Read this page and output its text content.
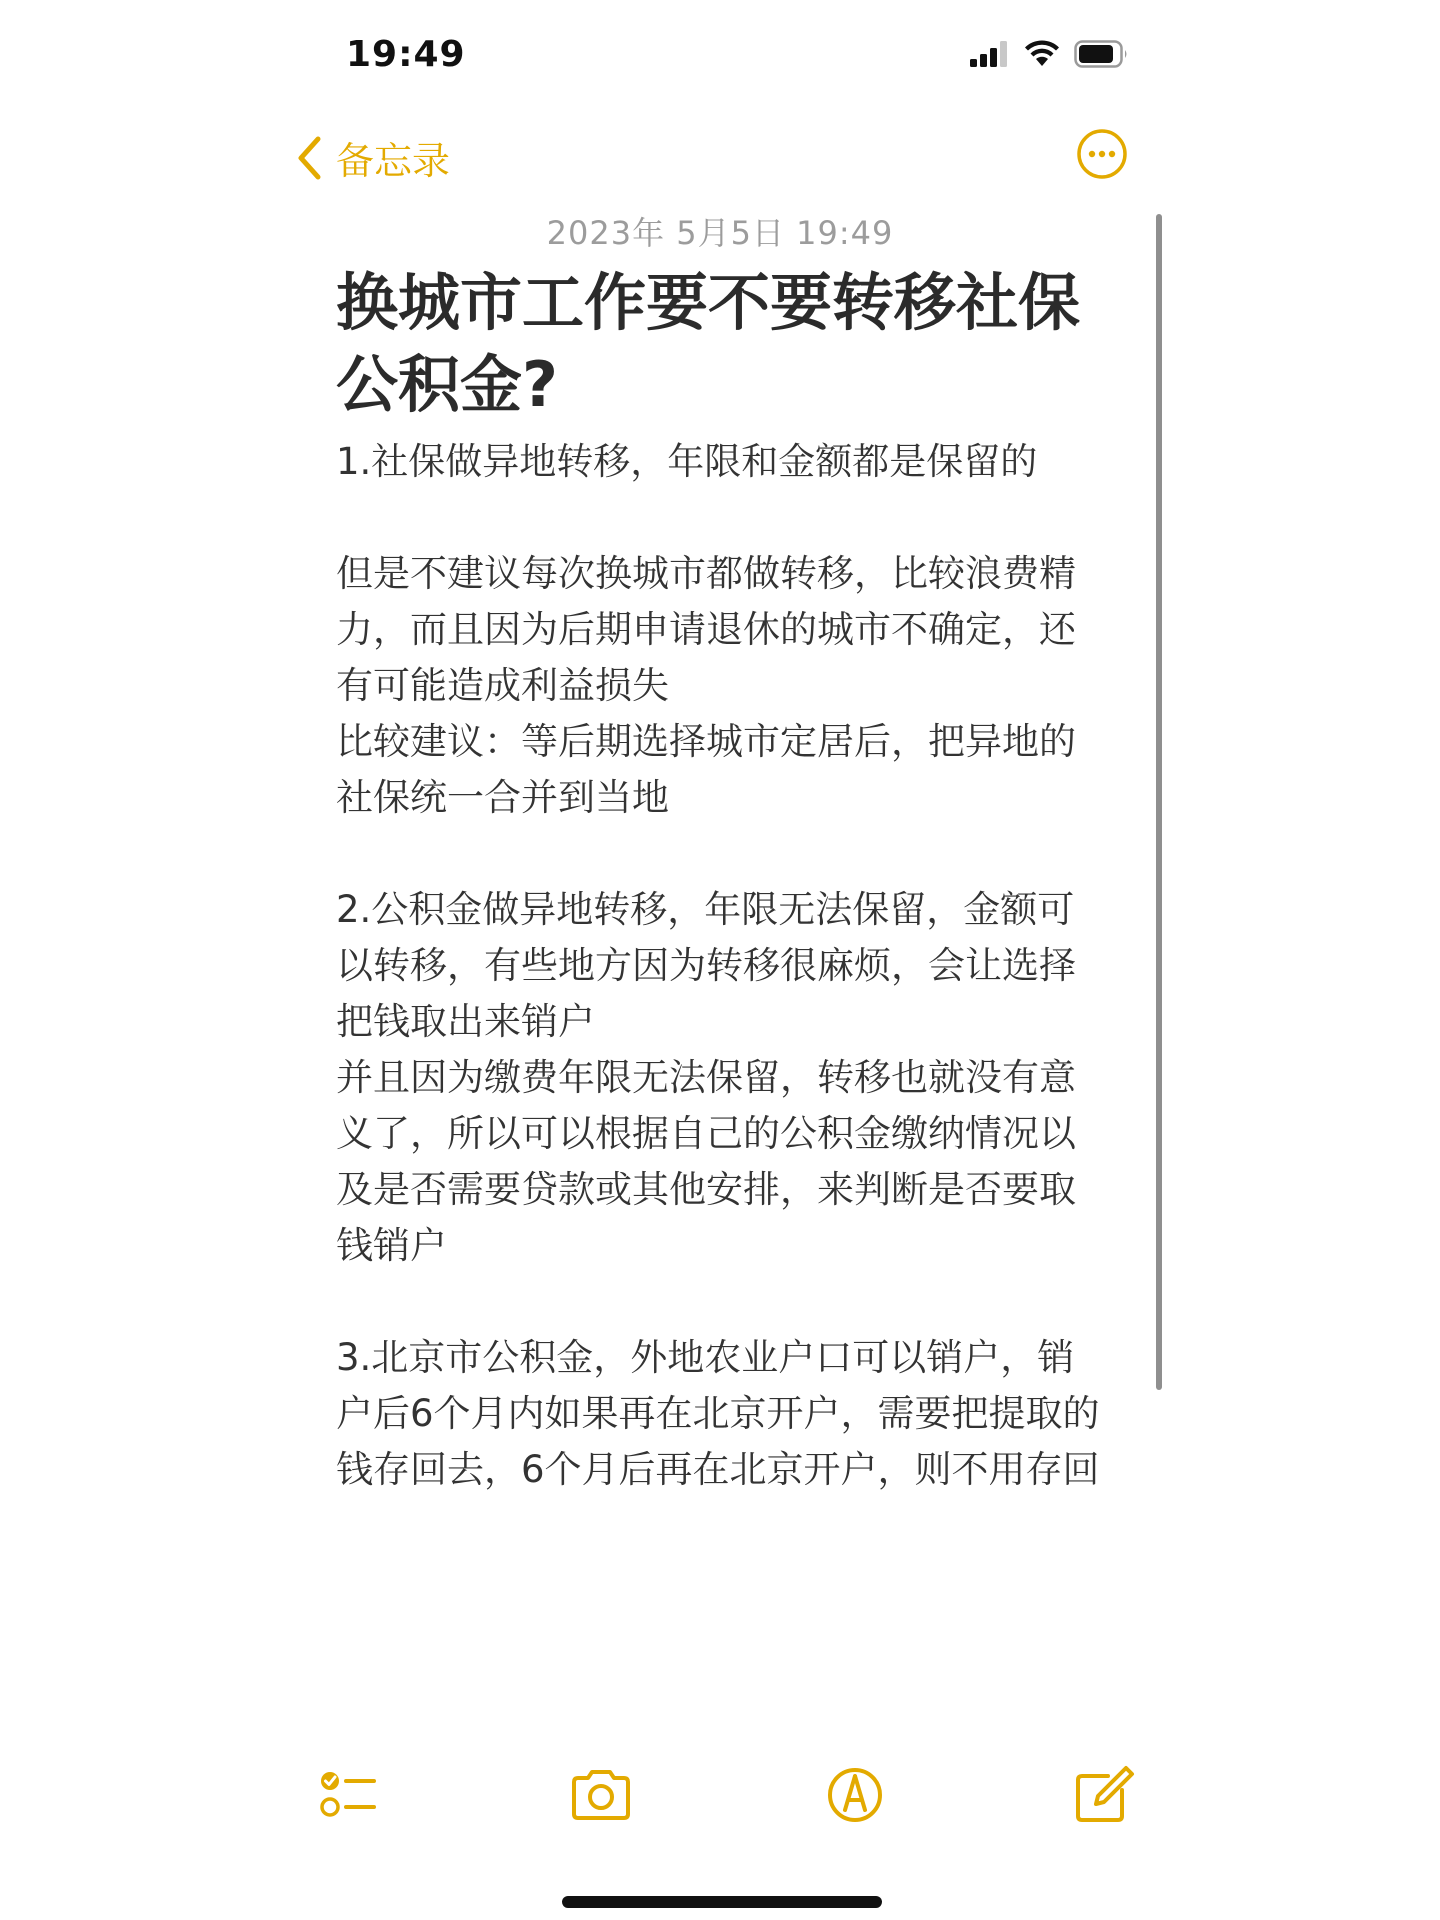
19:49
备忘录
2023年 5月5日 19:49
换城市工作要不要转移社保公积金?

1.社保做异地转移，年限和金额都是保留的

但是不建议每次换城市都做转移，比较浪费精力，而且因为后期申请退休的城市不确定，还有可能造成利益损失

比较建议：等后期选择城市定居后，把异地的社保统一合并到当地

2.公积金做异地转移，年限无法保留，金额可以转移，有些地方因为转移很麻烦，会让选择把钱取出来销户

并且因为缴费年限无法保留，转移也就没有意义了，所以可以根据自己的公积金缴纳情况以及是否需要贷款或其他安排，来判断是否要取钱销户

3.北京市公积金，外地农业户口可以销户，销户后6个月内如果再在北京开户，需要把提取的钱存回去，6个月后再在北京开户，则不用存回
